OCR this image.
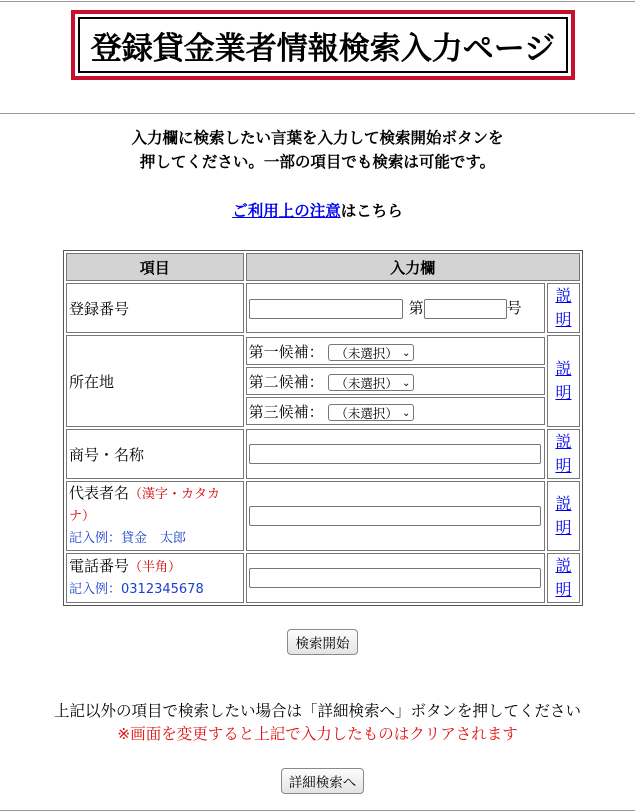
登録貸金業者情報検索入力ページ
入力欄に検索したい言葉を入力して検索開始ボタンを
押してください。一部の項目でも検索は可能です。
ご利用上の注意はこちら
項目	入力欄
登録番号	第	号	説
明
所在地	
第一候補： （未選択） ⌄

第二候補： （未選択） ⌄

第三候補： （未選択） ⌄
	説
明
商号・名称		説
明
代表者名（漢字・カタカナ）
記入例：貸金　太郎		説
明
電話番号（半角）
記入例：0312345678		説
明
検索開始
上記以外の項目で検索したい場合は「詳細検索へ」ボタンを押してください
※画面を変更すると上記で入力したものはクリアされます
詳細検索へ
